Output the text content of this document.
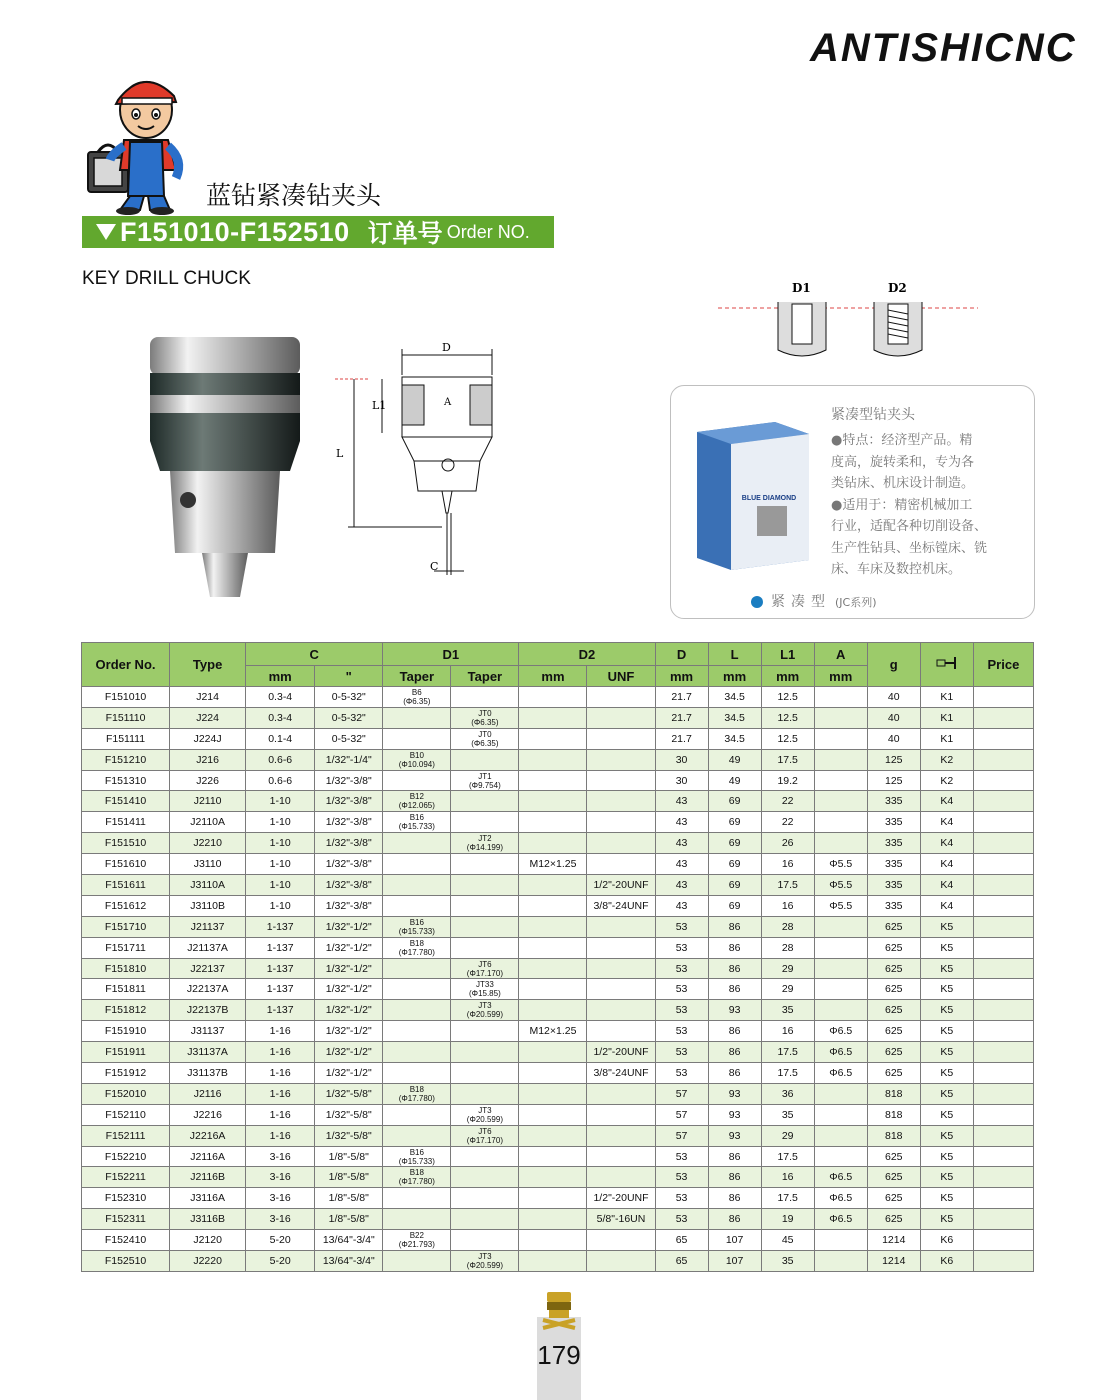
ANTISHICNC
蓝钻紧凑钻夹头
F151010-F152510 订单号 Order NO.
KEY DRILL CHUCK
D
L
L1	A
C
D1	D2
BLUE DIAMOND
紧凑型钻夹头
●特点：经济型产品。精
度高，旋转柔和，专为各
类钻床、机床设计制造。
●适用于：精密机械加工
行业，适配各种切削设备、
生产性钻具、坐标镗床、铣
床、车床及数控机床。
紧凑型 (JC系列)
Order No.	Type	C		D1		D2		D	L	L1	A	g		Price
		mm	"	Taper	Taper	mm	UNF	mm	mm	mm	mm			
F151010	J214	0.3-4	0-5-32"	B6
(Φ6.35)				21.7	34.5	12.5		40	K1	
F151110	J224	0.3-4	0-5-32"		JT0
(Φ6.35)			21.7	34.5	12.5		40	K1	
F151111	J224J	0.1-4	0-5-32"		JT0
(Φ6.35)			21.7	34.5	12.5		40	K1	
F151210	J216	0.6-6	1/32"-1/4"	B10
(Φ10.094)				30	49	17.5		125	K2	
F151310	J226	0.6-6	1/32"-3/8"		JT1
(Φ9.754)			30	49	19.2		125	K2	
F151410	J2110	1-10	1/32"-3/8"	B12
(Φ12.065)				43	69	22		335	K4	
F151411	J2110A	1-10	1/32"-3/8"	B16
(Φ15.733)				43	69	22		335	K4	
F151510	J2210	1-10	1/32"-3/8"		JT2
(Φ14.199)			43	69	26		335	K4	
F151610	J3110	1-10	1/32"-3/8"			M12×1.25		43	69	16	Φ5.5	335	K4	
F151611	J3110A	1-10	1/32"-3/8"				1/2"-20UNF	43	69	17.5	Φ5.5	335	K4	
F151612	J3110B	1-10	1/32"-3/8"				3/8"-24UNF	43	69	16	Φ5.5	335	K4	
F151710	J21137	1-137	1/32"-1/2"	B16
(Φ15.733)				53	86	28		625	K5	
F151711	J21137A	1-137	1/32"-1/2"	B18
(Φ17.780)				53	86	28		625	K5	
F151810	J22137	1-137	1/32"-1/2"		JT6
(Φ17.170)			53	86	29		625	K5	
F151811	J22137A	1-137	1/32"-1/2"		JT33
(Φ15.85)			53	86	29		625	K5	
F151812	J22137B	1-137	1/32"-1/2"		JT3
(Φ20.599)			53	93	35		625	K5	
F151910	J31137	1-16	1/32"-1/2"			M12×1.25		53	86	16	Φ6.5	625	K5	
F151911	J31137A	1-16	1/32"-1/2"				1/2"-20UNF	53	86	17.5	Φ6.5	625	K5	
F151912	J31137B	1-16	1/32"-1/2"				3/8"-24UNF	53	86	17.5	Φ6.5	625	K5	
F152010	J2116	1-16	1/32"-5/8"	B18
(Φ17.780)				57	93	36		818	K5	
F152110	J2216	1-16	1/32"-5/8"		JT3
(Φ20.599)			57	93	35		818	K5	
F152111	J2216A	1-16	1/32"-5/8"		JT6
(Φ17.170)			57	93	29		818	K5	
F152210	J2116A	3-16	1/8"-5/8"	B16
(Φ15.733)				53	86	17.5		625	K5	
F152211	J2116B	3-16	1/8"-5/8"	B18
(Φ17.780)				53	86	16	Φ6.5	625	K5	
F152310	J3116A	3-16	1/8"-5/8"				1/2"-20UNF	53	86	17.5	Φ6.5	625	K5	
F152311	J3116B	3-16	1/8"-5/8"				5/8"-16UN	53	86	19	Φ6.5	625	K5	
F152410	J2120	5-20	13/64"-3/4"	B22
(Φ21.793)				65	107	45		1214	K6	
F152510	J2220	5-20	13/64"-3/4"		JT3
(Φ20.599)			65	107	35		1214	K6	
179
